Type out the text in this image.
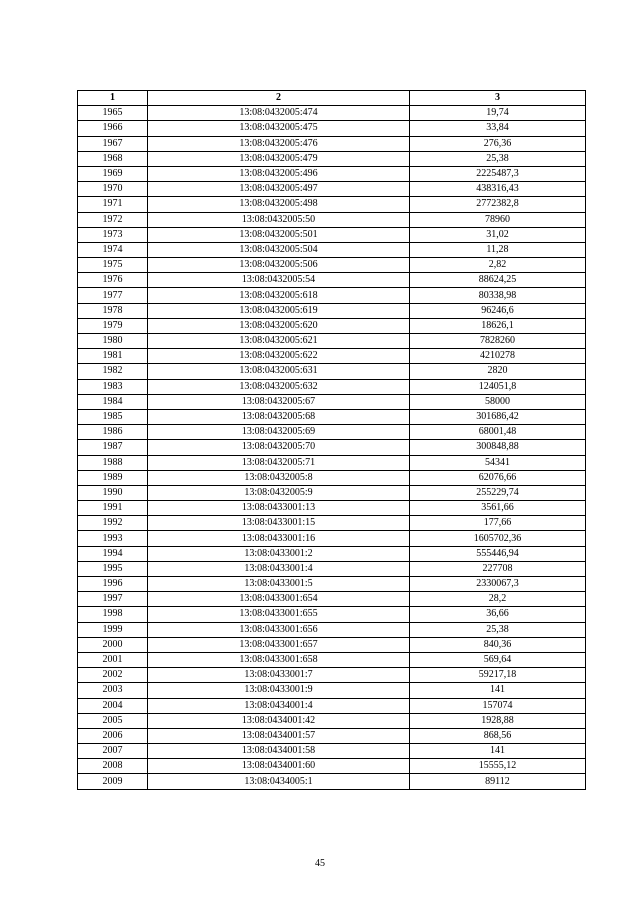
1	2	3
1965	13:08:0432005:474	19,74
1966	13:08:0432005:475	33,84
1967	13:08:0432005:476	276,36
1968	13:08:0432005:479	25,38
1969	13:08:0432005:496	2225487,3
1970	13:08:0432005:497	438316,43
1971	13:08:0432005:498	2772382,8
1972	13:08:0432005:50	78960
1973	13:08:0432005:501	31,02
1974	13:08:0432005:504	11,28
1975	13:08:0432005:506	2,82
1976	13:08:0432005:54	88624,25
1977	13:08:0432005:618	80338,98
1978	13:08:0432005:619	96246,6
1979	13:08:0432005:620	18626,1
1980	13:08:0432005:621	7828260
1981	13:08:0432005:622	4210278
1982	13:08:0432005:631	2820
1983	13:08:0432005:632	124051,8
1984	13:08:0432005:67	58000
1985	13:08:0432005:68	301686,42
1986	13:08:0432005:69	68001,48
1987	13:08:0432005:70	300848,88
1988	13:08:0432005:71	54341
1989	13:08:0432005:8	62076,66
1990	13:08:0432005:9	255229,74
1991	13:08:0433001:13	3561,66
1992	13:08:0433001:15	177,66
1993	13:08:0433001:16	1605702,36
1994	13:08:0433001:2	555446,94
1995	13:08:0433001:4	227708
1996	13:08:0433001:5	2330067,3
1997	13:08:0433001:654	28,2
1998	13:08:0433001:655	36,66
1999	13:08:0433001:656	25,38
2000	13:08:0433001:657	840,36
2001	13:08:0433001:658	569,64
2002	13:08:0433001:7	59217,18
2003	13:08:0433001:9	141
2004	13:08:0434001:4	157074
2005	13:08:0434001:42	1928,88
2006	13:08:0434001:57	868,56
2007	13:08:0434001:58	141
2008	13:08:0434001:60	15555,12
2009	13:08:0434005:1	89112
45
